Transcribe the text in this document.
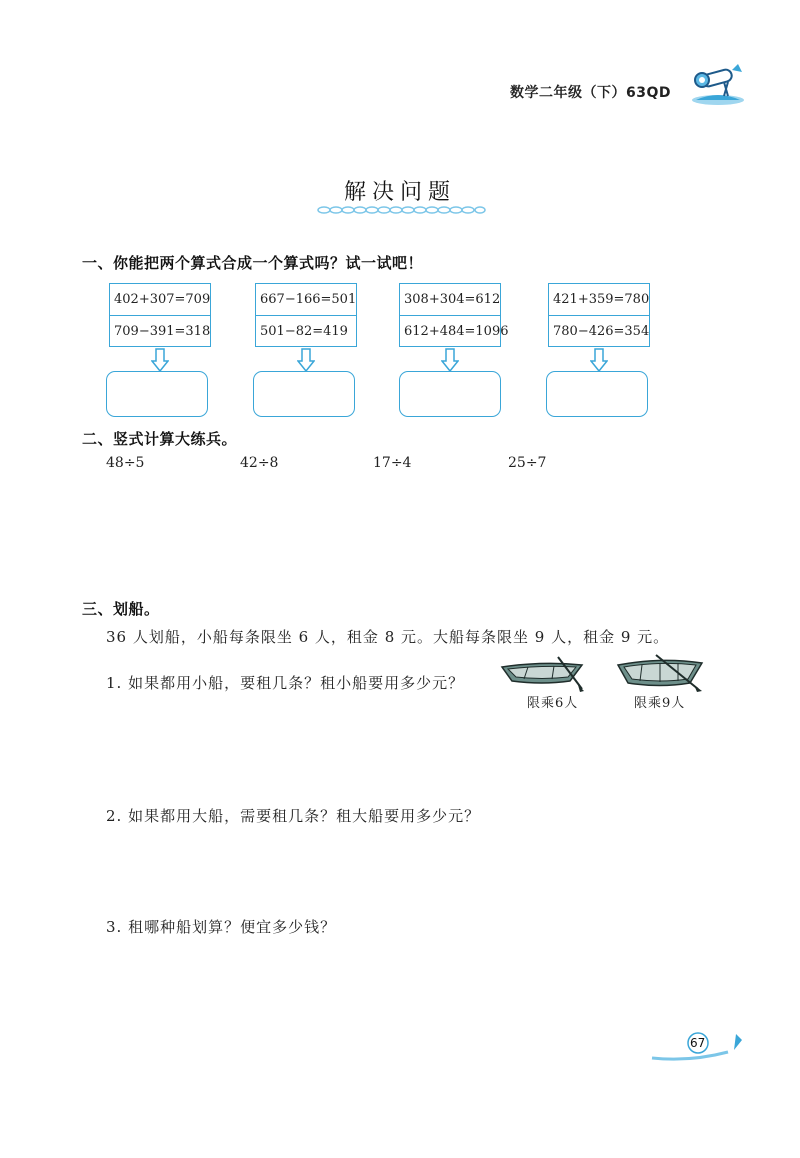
数学二年级（下）63QD
解决问题
一、你能把两个算式合成一个算式吗？试一试吧！
402+307=709
709−391=318
667−166=501
501−82=419
308+304=612
612+484=1096
421+359=780
780−426=354
二、竖式计算大练兵。
48÷5	42÷8	17÷4	25÷7
三、划船。
36 人划船，小船每条限坐 6 人，租金 8 元。大船每条限坐 9 人，租金 9 元。
1. 如果都用小船，要租几条？租小船要用多少元？
2. 如果都用大船，需要租几条？租大船要用多少元？
3. 租哪种船划算？便宜多少钱？
限乘6人	限乘9人
67
